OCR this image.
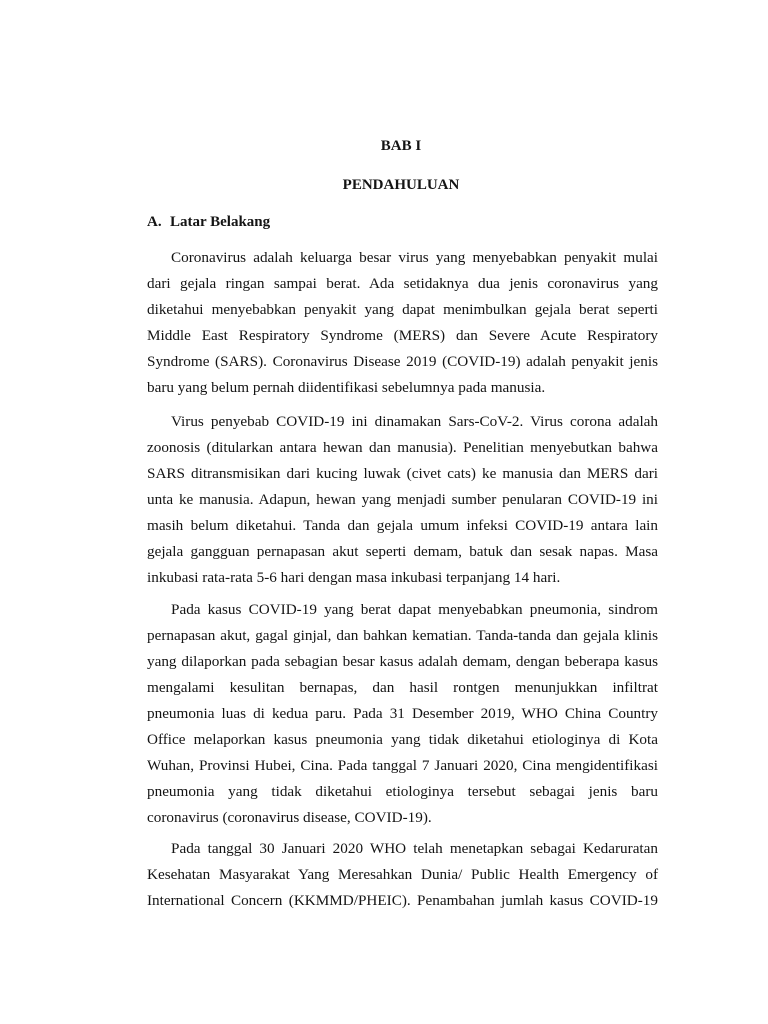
BAB I
PENDAHULUAN
A. Latar Belakang
Coronavirus adalah keluarga besar virus yang menyebabkan penyakit mulai
dari gejala ringan sampai berat. Ada setidaknya dua jenis coronavirus yang
diketahui menyebabkan penyakit yang dapat menimbulkan gejala berat seperti
Middle East Respiratory Syndrome (MERS) dan Severe Acute Respiratory
Syndrome (SARS). Coronavirus Disease 2019 (COVID-19) adalah penyakit jenis
baru yang belum pernah diidentifikasi sebelumnya pada manusia.
Virus penyebab COVID-19 ini dinamakan Sars-CoV-2. Virus corona adalah
zoonosis (ditularkan antara hewan dan manusia). Penelitian menyebutkan bahwa
SARS ditransmisikan dari kucing luwak (civet cats) ke manusia dan MERS dari
unta ke manusia. Adapun, hewan yang menjadi sumber penularan COVID-19 ini
masih belum diketahui. Tanda dan gejala umum infeksi COVID-19 antara lain
gejala gangguan pernapasan akut seperti demam, batuk dan sesak napas. Masa
inkubasi rata-rata 5-6 hari dengan masa inkubasi terpanjang 14 hari.
Pada kasus COVID-19 yang berat dapat menyebabkan pneumonia, sindrom
pernapasan akut, gagal ginjal, dan bahkan kematian. Tanda-tanda dan gejala klinis
yang dilaporkan pada sebagian besar kasus adalah demam, dengan beberapa kasus
mengalami kesulitan bernapas, dan hasil rontgen menunjukkan infiltrat
pneumonia luas di kedua paru. Pada 31 Desember 2019, WHO China Country
Office melaporkan kasus pneumonia yang tidak diketahui etiologinya di Kota
Wuhan, Provinsi Hubei, Cina. Pada tanggal 7 Januari 2020, Cina mengidentifikasi
pneumonia yang tidak diketahui etiologinya tersebut sebagai jenis baru
coronavirus (coronavirus disease, COVID-19).
Pada tanggal 30 Januari 2020 WHO telah menetapkan sebagai Kedaruratan
Kesehatan Masyarakat Yang Meresahkan Dunia/ Public Health Emergency of
International Concern (KKMMD/PHEIC). Penambahan jumlah kasus COVID-19
